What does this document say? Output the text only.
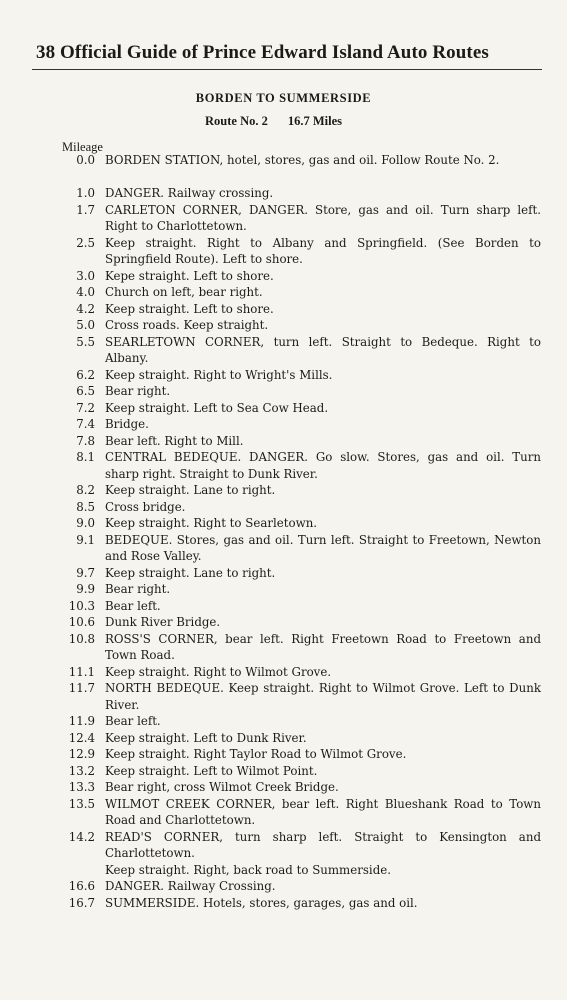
38 Official Guide of Prince Edward Island Auto Routes
BORDEN TO SUMMERSIDE
Route No. 2 16.7 Miles
Mileage
0.0 BORDEN STATION, hotel, stores, gas and oil. Follow Route No. 2.
1.0 DANGER. Railway crossing.
1.7 CARLETON CORNER, DANGER. Store, gas and oil. Turn sharp left. Right to Charlottetown.
2.5 Keep straight. Right to Albany and Springfield. (See Borden to Springfield Route). Left to shore.
3.0 Kepe straight. Left to shore.
4.0 Church on left, bear right.
4.2 Keep straight. Left to shore.
5.0 Cross roads. Keep straight.
5.5 SEARLETOWN CORNER, turn left. Straight to Bedeque. Right to Albany.
6.2 Keep straight. Right to Wright's Mills.
6.5 Bear right.
7.2 Keep straight. Left to Sea Cow Head.
7.4 Bridge.
7.8 Bear left. Right to Mill.
8.1 CENTRAL BEDEQUE. DANGER. Go slow. Stores, gas and oil. Turn sharp right. Straight to Dunk River.
8.2 Keep straight. Lane to right.
8.5 Cross bridge.
9.0 Keep straight. Right to Searletown.
9.1 BEDEQUE. Stores, gas and oil. Turn left. Straight to Freetown, Newton and Rose Valley.
9.7 Keep straight. Lane to right.
9.9 Bear right.
10.3 Bear left.
10.6 Dunk River Bridge.
10.8 ROSS'S CORNER, bear left. Right Freetown Road to Freetown and Town Road.
11.1 Keep straight. Right to Wilmot Grove.
11.7 NORTH BEDEQUE. Keep straight. Right to Wilmot Grove. Left to Dunk River.
11.9 Bear left.
12.4 Keep straight. Left to Dunk River.
12.9 Keep straight. Right Taylor Road to Wilmot Grove.
13.2 Keep straight. Left to Wilmot Point.
13.3 Bear right, cross Wilmot Creek Bridge.
13.5 WILMOT CREEK CORNER, bear left. Right Blueshank Road to Town Road and Charlottetown.
14.2 READ'S CORNER, turn sharp left. Straight to Kensington and Charlottetown.
Keep straight. Right, back road to Summerside.
16.6 DANGER. Railway Crossing.
16.7 SUMMERSIDE. Hotels, stores, garages, gas and oil.
